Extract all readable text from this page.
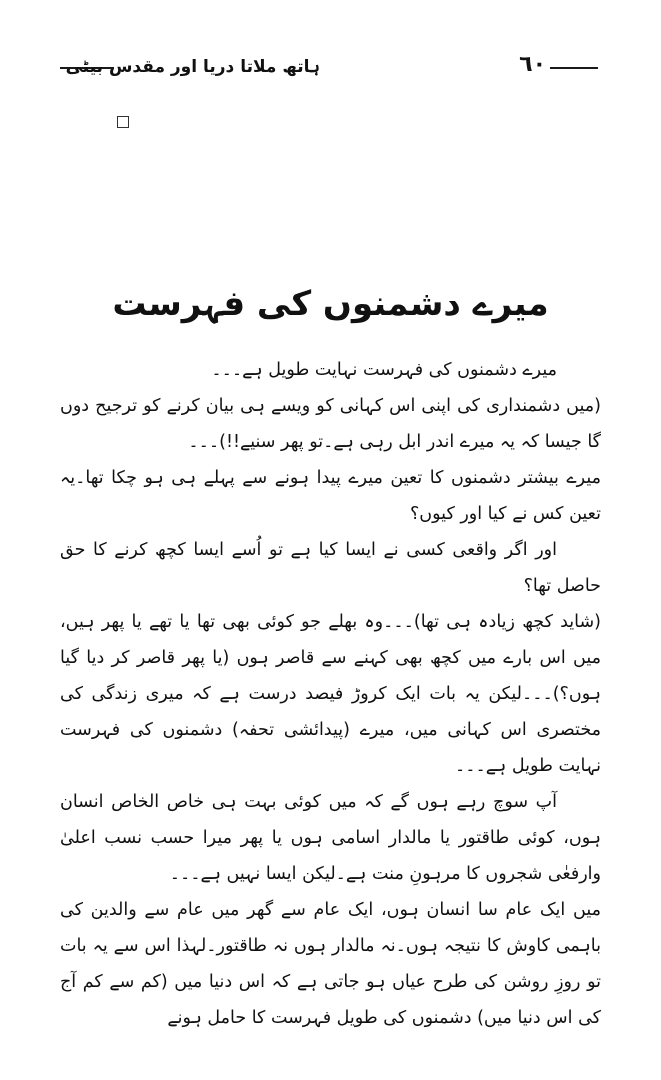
ہاتھ ملاتا دریا اور مقدس بیٹی	٦٠
میرے دشمنوں کی فہرست

میرے دشمنوں کی فہرست نہایت طویل ہے۔۔۔

(میں دشمنداری کی اپنی اس کہانی کو ویسے ہی بیان کرنے کو ترجیح دوں گا جیسا کہ یہ میرے اندر ابل رہی ہے۔تو پھر سنیے!!)۔۔۔

میرے بیشتر دشمنوں کا تعین میرے پیدا ہونے سے پہلے ہی ہو چکا تھا۔یہ تعین کس نے کیا اور کیوں؟

اور اگر واقعی کسی نے ایسا کیا ہے تو اُسے ایسا کچھ کرنے کا حق حاصل تھا؟

(شاید کچھ زیادہ ہی تھا)۔۔۔وہ بھلے جو کوئی بھی تھا یا تھے یا پھر ہیں، میں اس بارے میں کچھ بھی کہنے سے قاصر ہوں (یا پھر قاصر کر دیا گیا ہوں؟)۔۔۔لیکن یہ بات ایک کروڑ فیصد درست ہے کہ میری زندگی کی مختصری اس کہانی میں، میرے (پیدائشی تحفہ) دشمنوں کی فہرست نہایت طویل ہے۔۔۔

آپ سوچ رہے ہوں گے کہ میں کوئی بہت ہی خاص الخاص انسان ہوں، کوئی طاقتور یا مالدار اسامی ہوں یا پھر میرا حسب نسب اعلیٰ وارفعٰی شجروں کا مرہونِ منت ہے۔لیکن ایسا نہیں ہے۔۔۔

میں ایک عام سا انسان ہوں، ایک عام سے گھر میں عام سے والدین کی باہمی کاوش کا نتیجہ ہوں۔نہ مالدار ہوں نہ طاقتور۔لہذا اس سے یہ بات تو روزِ روشن کی طرح عیاں ہو جاتی ہے کہ اس دنیا میں (کم سے کم آج کی اس دنیا میں) دشمنوں کی طویل فہرست کا حامل ہونے
